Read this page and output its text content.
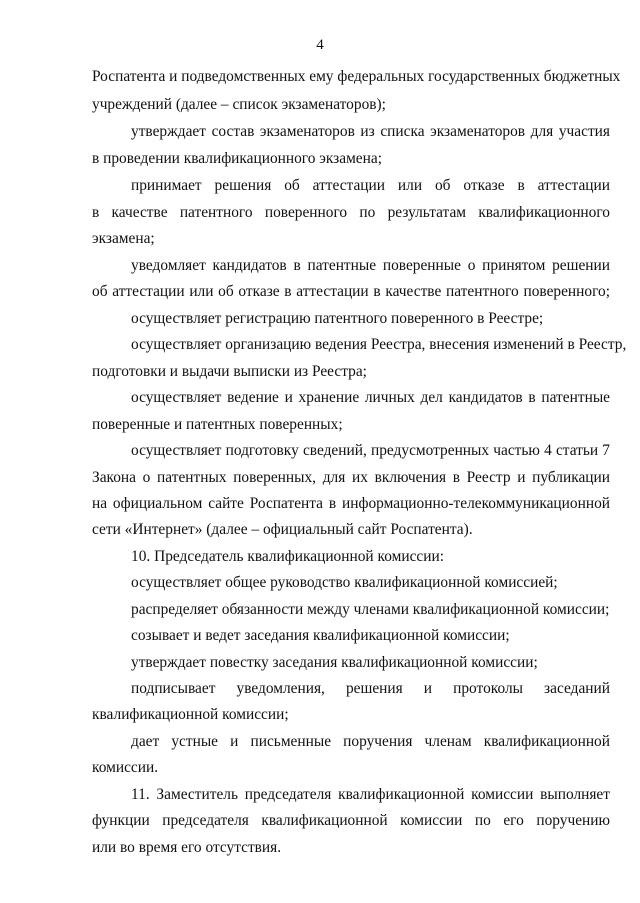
4
Роспатента и подведомственных ему федеральных государственных бюджетных
учреждений (далее – список экзаменаторов);
утверждает состав экзаменаторов из списка экзаменаторов для участия
в проведении квалификационного экзамена;
принимает решения об аттестации или об отказе в аттестации
в качестве патентного поверенного по результатам квалификационного
экзамена;
уведомляет кандидатов в патентные поверенные о принятом решении
об аттестации или об отказе в аттестации в качестве патентного поверенного;
осуществляет регистрацию патентного поверенного в Реестре;
осуществляет организацию ведения Реестра, внесения изменений в Реестр,
подготовки и выдачи выписки из Реестра;
осуществляет ведение и хранение личных дел кандидатов в патентные
поверенные и патентных поверенных;
осуществляет подготовку сведений, предусмотренных частью 4 статьи 7
Закона о патентных поверенных, для их включения в Реестр и публикации
на официальном сайте Роспатента в информационно-телекоммуникационной
сети «Интернет» (далее – официальный сайт Роспатента).
10. Председатель квалификационной комиссии:
осуществляет общее руководство квалификационной комиссией;
распределяет обязанности между членами квалификационной комиссии;
созывает и ведет заседания квалификационной комиссии;
утверждает повестку заседания квалификационной комиссии;
подписывает уведомления, решения и протоколы заседаний
квалификационной комиссии;
дает устные и письменные поручения членам квалификационной
комиссии.
11. Заместитель председателя квалификационной комиссии выполняет
функции председателя квалификационной комиссии по его поручению
или во время его отсутствия.
